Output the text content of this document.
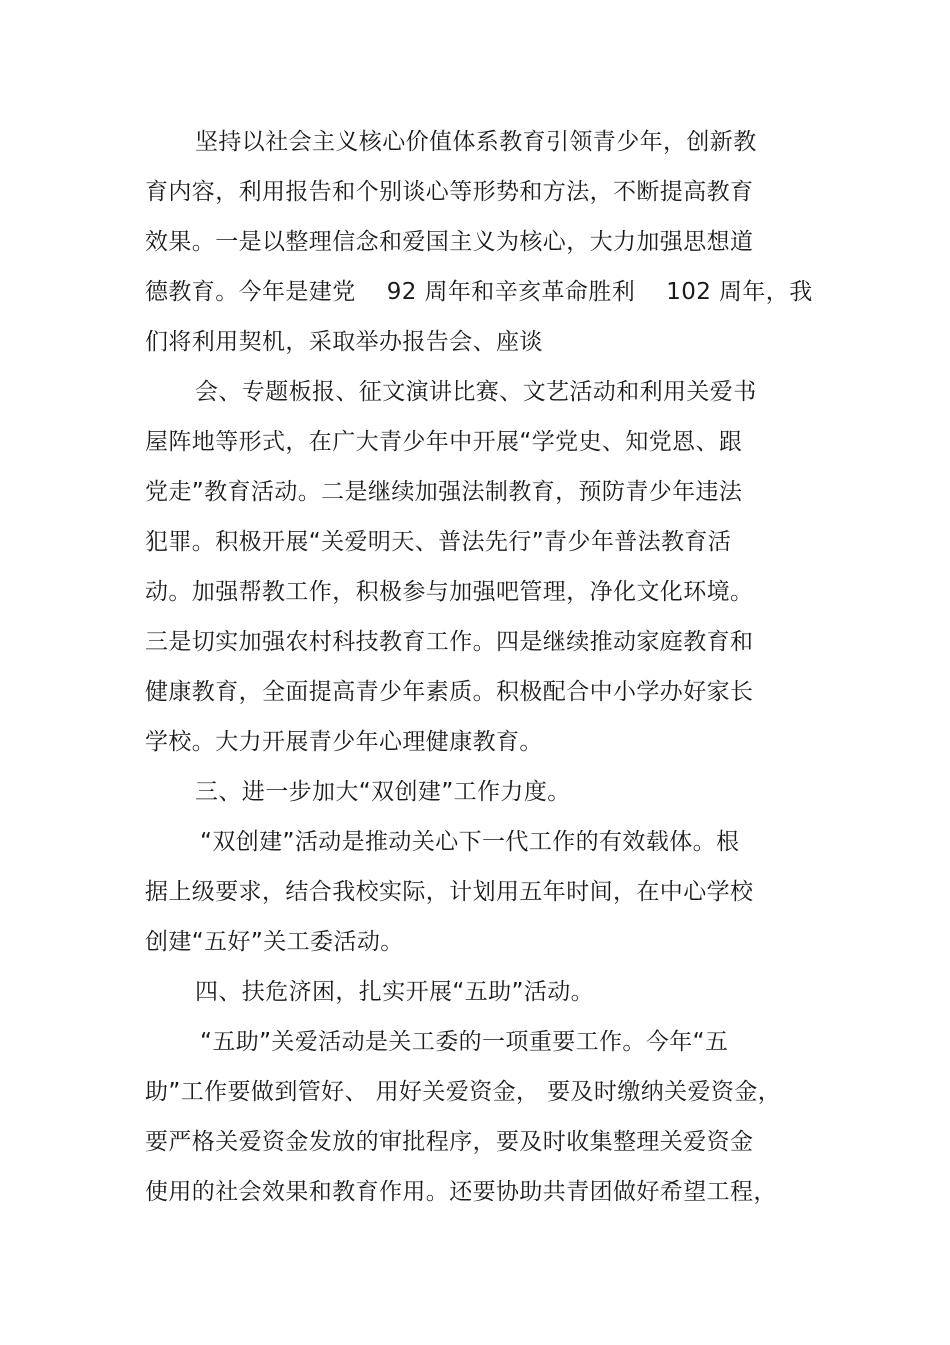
坚持以社会主义核心价值体系教育引领青少年，创新教
育内容，利用报告和个别谈心等形势和方法，不断提高教育
效果。一是以整理信念和爱国主义为核心，大力加强思想道
德教育。今年是建党　 92 周年和辛亥革命胜利　 102 周年，我
们将利用契机，采取举办报告会、座谈
会、专题板报、征文演讲比赛、文艺活动和利用关爱书
屋阵地等形式，在广大青少年中开展“学党史、知党恩、跟
党走”教育活动。二是继续加强法制教育，预防青少年违法
犯罪。积极开展“关爱明天、普法先行”青少年普法教育活
动。加强帮教工作，积极参与加强吧管理，净化文化环境。
三是切实加强农村科技教育工作。四是继续推动家庭教育和
健康教育，全面提高青少年素质。积极配合中小学办好家长
学校。大力开展青少年心理健康教育。
三、进一步加大“双创建”工作力度。
“双创建”活动是推动关心下一代工作的有效载体。根
据上级要求，结合我校实际，计划用五年时间，在中心学校
创建“五好”关工委活动。
四、扶危济困，扎实开展“五助”活动。
“五助”关爱活动是关工委的一项重要工作。今年“五
助”工作要做到管好、 用好关爱资金， 要及时缴纳关爱资金，
要严格关爱资金发放的审批程序，要及时收集整理关爱资金
使用的社会效果和教育作用。还要协助共青团做好希望工程，
